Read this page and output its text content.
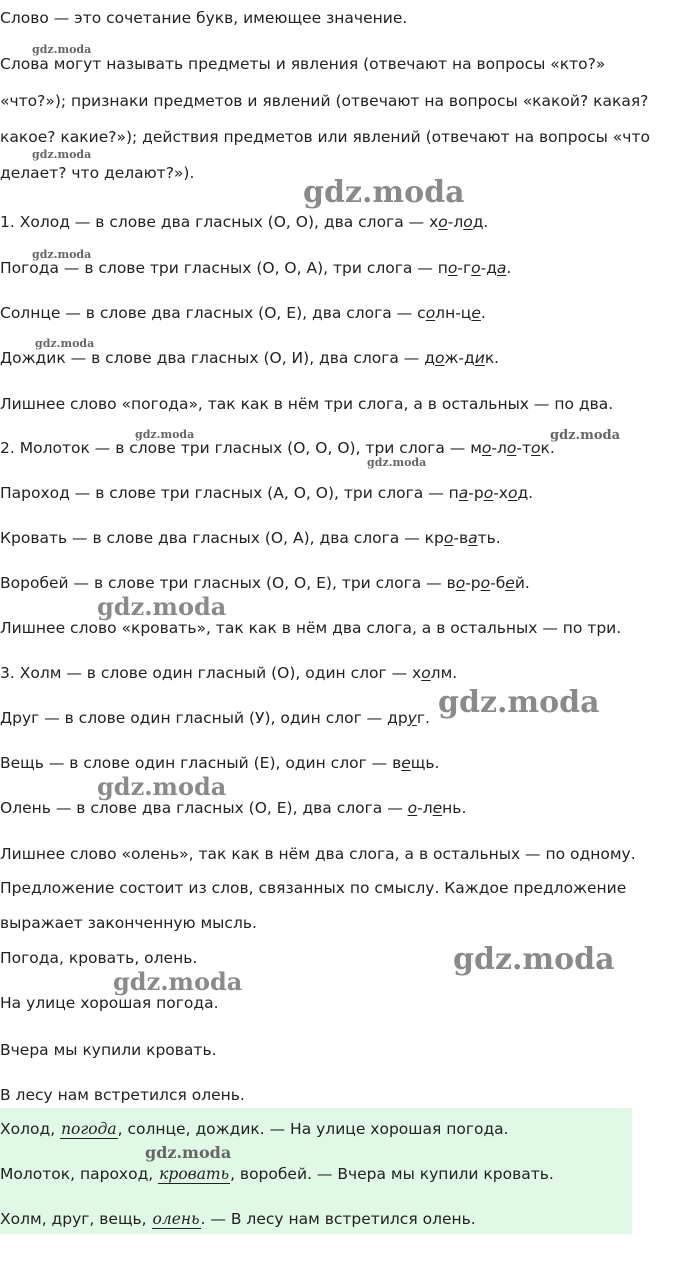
Слово — это сочетание букв, имеющее значение.
Слова могут называть предметы и явления (отвечают на вопросы «кто?»
«что?»); признаки предметов и явлений (отвечают на вопросы «какой? какая?
какое? какие?»); действия предметов или явлений (отвечают на вопросы «что
делает? что делают?»).
1. Холод — в слове два гласных (О, О), два слога — хо-лод.
Погода — в слове три гласных (О, О, А), три слога — по-го-да.
Солнце — в слове два гласных (О, Е), два слога — солн-це.
Дождик — в слове два гласных (О, И), два слога — дож-дик.
Лишнее слово «погода», так как в нём три слога, а в остальных — по два.
2. Молоток — в слове три гласных (О, О, О), три слога — мо-ло-ток.
Пароход — в слове три гласных (А, О, О), три слога — па-ро-ход.
Кровать — в слове два гласных (О, А), два слога — кро-вать.
Воробей — в слове три гласных (О, О, Е), три слога — во-ро-бей.
Лишнее слово «кровать», так как в нём два слога, а в остальных — по три.
3. Холм — в слове один гласный (О), один слог — холм.
Друг — в слове один гласный (У), один слог — друг.
Вещь — в слове один гласный (Е), один слог — вещь.
Олень — в слове два гласных (О, Е), два слога — о-лень.
Лишнее слово «олень», так как в нём два слога, а в остальных — по одному.
Предложение состоит из слов, связанных по смыслу. Каждое предложение
выражает законченную мысль.
Погода, кровать, олень.
На улице хорошая погода.
Вчера мы купили кровать.
В лесу нам встретился олень.
Холод, погода, солнце, дождик. — На улице хорошая погода.
Молоток, пароход, кровать, воробей. — Вчера мы купили кровать.
Холм, друг, вещь, олень. — В лесу нам встретился олень.
gdz.moda
gdz.moda
gdz.moda
gdz.moda
gdz.moda
gdz.moda	gdz.moda
gdz.moda
gdz.moda
gdz.moda
gdz.moda
gdz.moda
gdz.moda
gdz.moda
